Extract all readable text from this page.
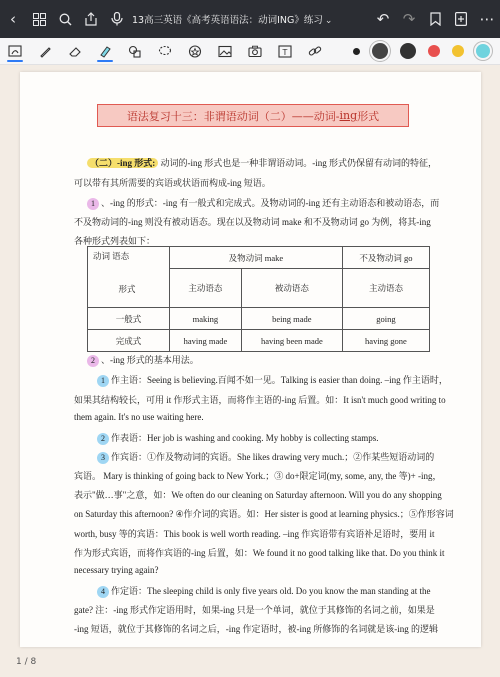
‹	13高三英语《高考英语语法：动词ING》练习 ⌄	↶ ↷	⋯
T
语法复习十三：非谓语动词（二）——动词- ing 形式
（二）-ing 形式: 动词的-ing 形式也是一种非谓语动词。-ing 形式仍保留有动词的特征，
可以带有其所需要的宾语或状语而构成-ing 短语。
1 、-ing 的形式：-ing 有一般式和完成式。及物动词的-ing 还有主动语态和被动语态，而
不及物动词的-ing 则没有被动语态。现在以及物动词 make 和不及物动词 go 为例，将其-ing
各种形式列表如下：
动词 语态
形式	及物动词 make		不及物动词 go
	主动语态	被动语态	主动语态
一般式	making	being made	going
完成式	having made	having been made	having gone
2 、-ing 形式的基本用法。
1 作主语：Seeing is believing.百闻不如一见。Talking is easier than doing. –ing 作主语时，
如果其结构较长，可用 it 作形式主语，而将作主语的-ing 后置。如：It isn't much good writing to
them again. It's no use waiting here.
2 作表语：Her job is washing and cooking. My hobby is collecting stamps.
3 作宾语：①作及物动词的宾语。She likes drawing very much.；②作某些短语动词的
宾语。 Mary is thinking of going back to New York.；③ do+限定词(my, some, any, the 等)+ -ing，
表示"做…事"之意，如：We often do our cleaning on Saturday afternoon. Will you do any shopping
on Saturday this afternoon? ④作介词的宾语。如：Her sister is good at learning physics.；⑤作形容词
worth, busy 等的宾语：This book is well worth reading. –ing 作宾语带有宾语补足语时，要用 it
作为形式宾语，而将作宾语的-ing 后置，如：We found it no good talking like that. Do you think it
necessary trying again?
4 作定语：The sleeping child is only five years old. Do you know the man standing at the
gate? 注：-ing 形式作定语用时，如果-ing 只是一个单词，就位于其修饰的名词之前，如果是
-ing 短语，就位于其修饰的名词之后，-ing 作定语时，被-ing 所修饰的名词就是该-ing 的逻辑
1 / 8
